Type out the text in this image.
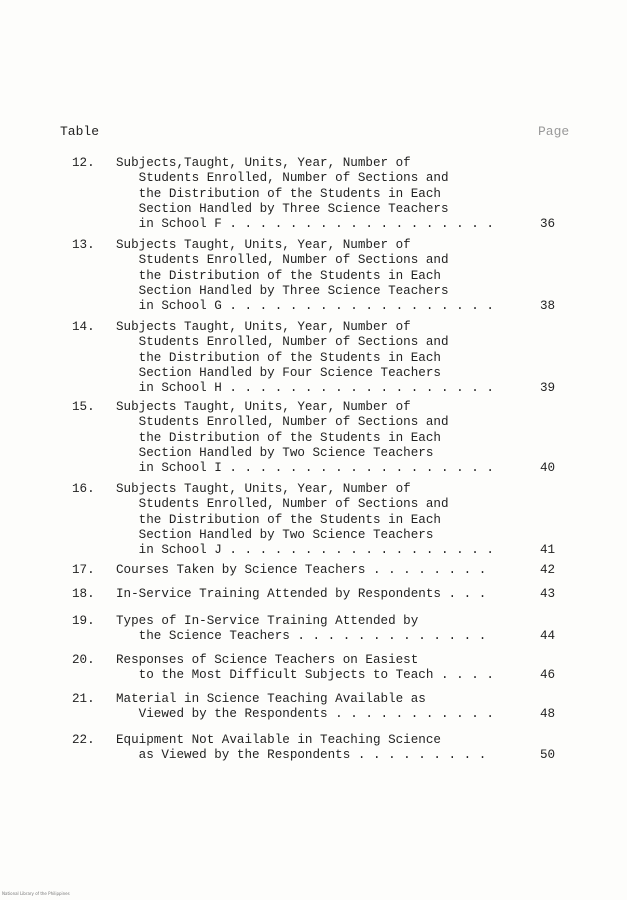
Table	Page
12. Subjects,Taught, Units, Year, Number of
Students Enrolled, Number of Sections and
the Distribution of the Students in Each
Section Handled by Three Science Teachers
in School F . . . . . . . . . . . . . . . . . .	36
13. Subjects Taught, Units, Year, Number of
Students Enrolled, Number of Sections and
the Distribution of the Students in Each
Section Handled by Three Science Teachers
in School G . . . . . . . . . . . . . . . . . .	38
14. Subjects Taught, Units, Year, Number of
Students Enrolled, Number of Sections and
the Distribution of the Students in Each
Section Handled by Four Science Teachers
in School H . . . . . . . . . . . . . . . . . .	39
15. Subjects Taught, Units, Year, Number of
Students Enrolled, Number of Sections and
the Distribution of the Students in Each
Section Handled by Two Science Teachers
in School I . . . . . . . . . . . . . . . . . .	40
16. Subjects Taught, Units, Year, Number of
Students Enrolled, Number of Sections and
the Distribution of the Students in Each
Section Handled by Two Science Teachers
in School J . . . . . . . . . . . . . . . . . .	41
17. Courses Taken by Science Teachers . . . . . . . .	42
18. In-Service Training Attended by Respondents . . .	43
19. Types of In-Service Training Attended by
the Science Teachers . . . . . . . . . . . . .	44
20. Responses of Science Teachers on Easiest
to the Most Difficult Subjects to Teach . . . .	46
21. Material in Science Teaching Available as
Viewed by the Respondents . . . . . . . . . . .	48
22. Equipment Not Available in Teaching Science
as Viewed by the Respondents . . . . . . . . .	50
National Library of the Philippines
